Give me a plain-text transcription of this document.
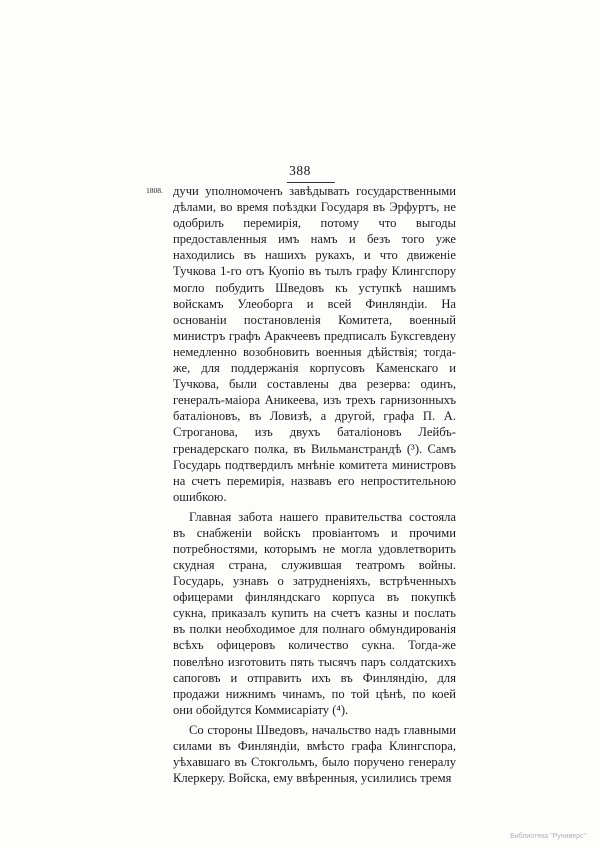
388
1808. дучи уполномоченъ завѣдывать государственными дѣлами, во время поѣздки Государя въ Эрфуртъ, не одобрилъ перемирія, потому что выгоды предоставленныя имъ намъ и безъ того уже находились въ нашихъ рукахъ, и что движеніе Тучкова 1-го отъ Куопіо въ тылъ графу Клингспору могло побудить Шведовъ къ уступкѣ нашимъ войскамъ Улеоборга и всей Финляндіи. На основаніи постановленія Комитета, военный министръ графъ Аракчеевъ предписалъ Буксгевдену немедленно возобновить военныя дѣйствія; тогда-же, для поддержанія корпусовъ Каменскаго и Тучкова, были составлены два резерва: одинъ, генералъ-маіора Аникеева, изъ трехъ гарнизонныхъ баталіоновъ, въ Ловизѣ, а другой, графа П. А. Строганова, изъ двухъ баталіоновъ Лейбъ-гренадерскаго полка, въ Вильманстрандѣ (³). Самъ Государь подтвердилъ мнѣніе комитета министровъ на счетъ перемирія, назвавъ его непростительною ошибкою.

Главная забота нашего правительства состояла въ снабженіи войскъ провіантомъ и прочими потребностями, которымъ не могла удовлетворить скудная страна, служившая театромъ войны. Государь, узнавъ о затрудненіяхъ, встрѣченныхъ офицерами финляндскаго корпуса въ покупкѣ сукна, приказалъ купить на счетъ казны и послать въ полки необходимое для полнаго обмундированія всѣхъ офицеровъ количество сукна. Тогда-же повелѣно изготовить пять тысячъ паръ солдатскихъ сапоговъ и отправить ихъ въ Финляндію, для продажи нижнимъ чинамъ, по той цѣнѣ, по коей они обойдутся Коммисаріату (⁴).

Со стороны Шведовъ, начальство надъ главными силами въ Финляндіи, вмѣсто графа Клингспора, уѣхавшаго въ Стокгольмъ, было поручено генералу Клеркеру. Войска, ему ввѣренныя, усилились тремя

Библиотека "Руниверс"
